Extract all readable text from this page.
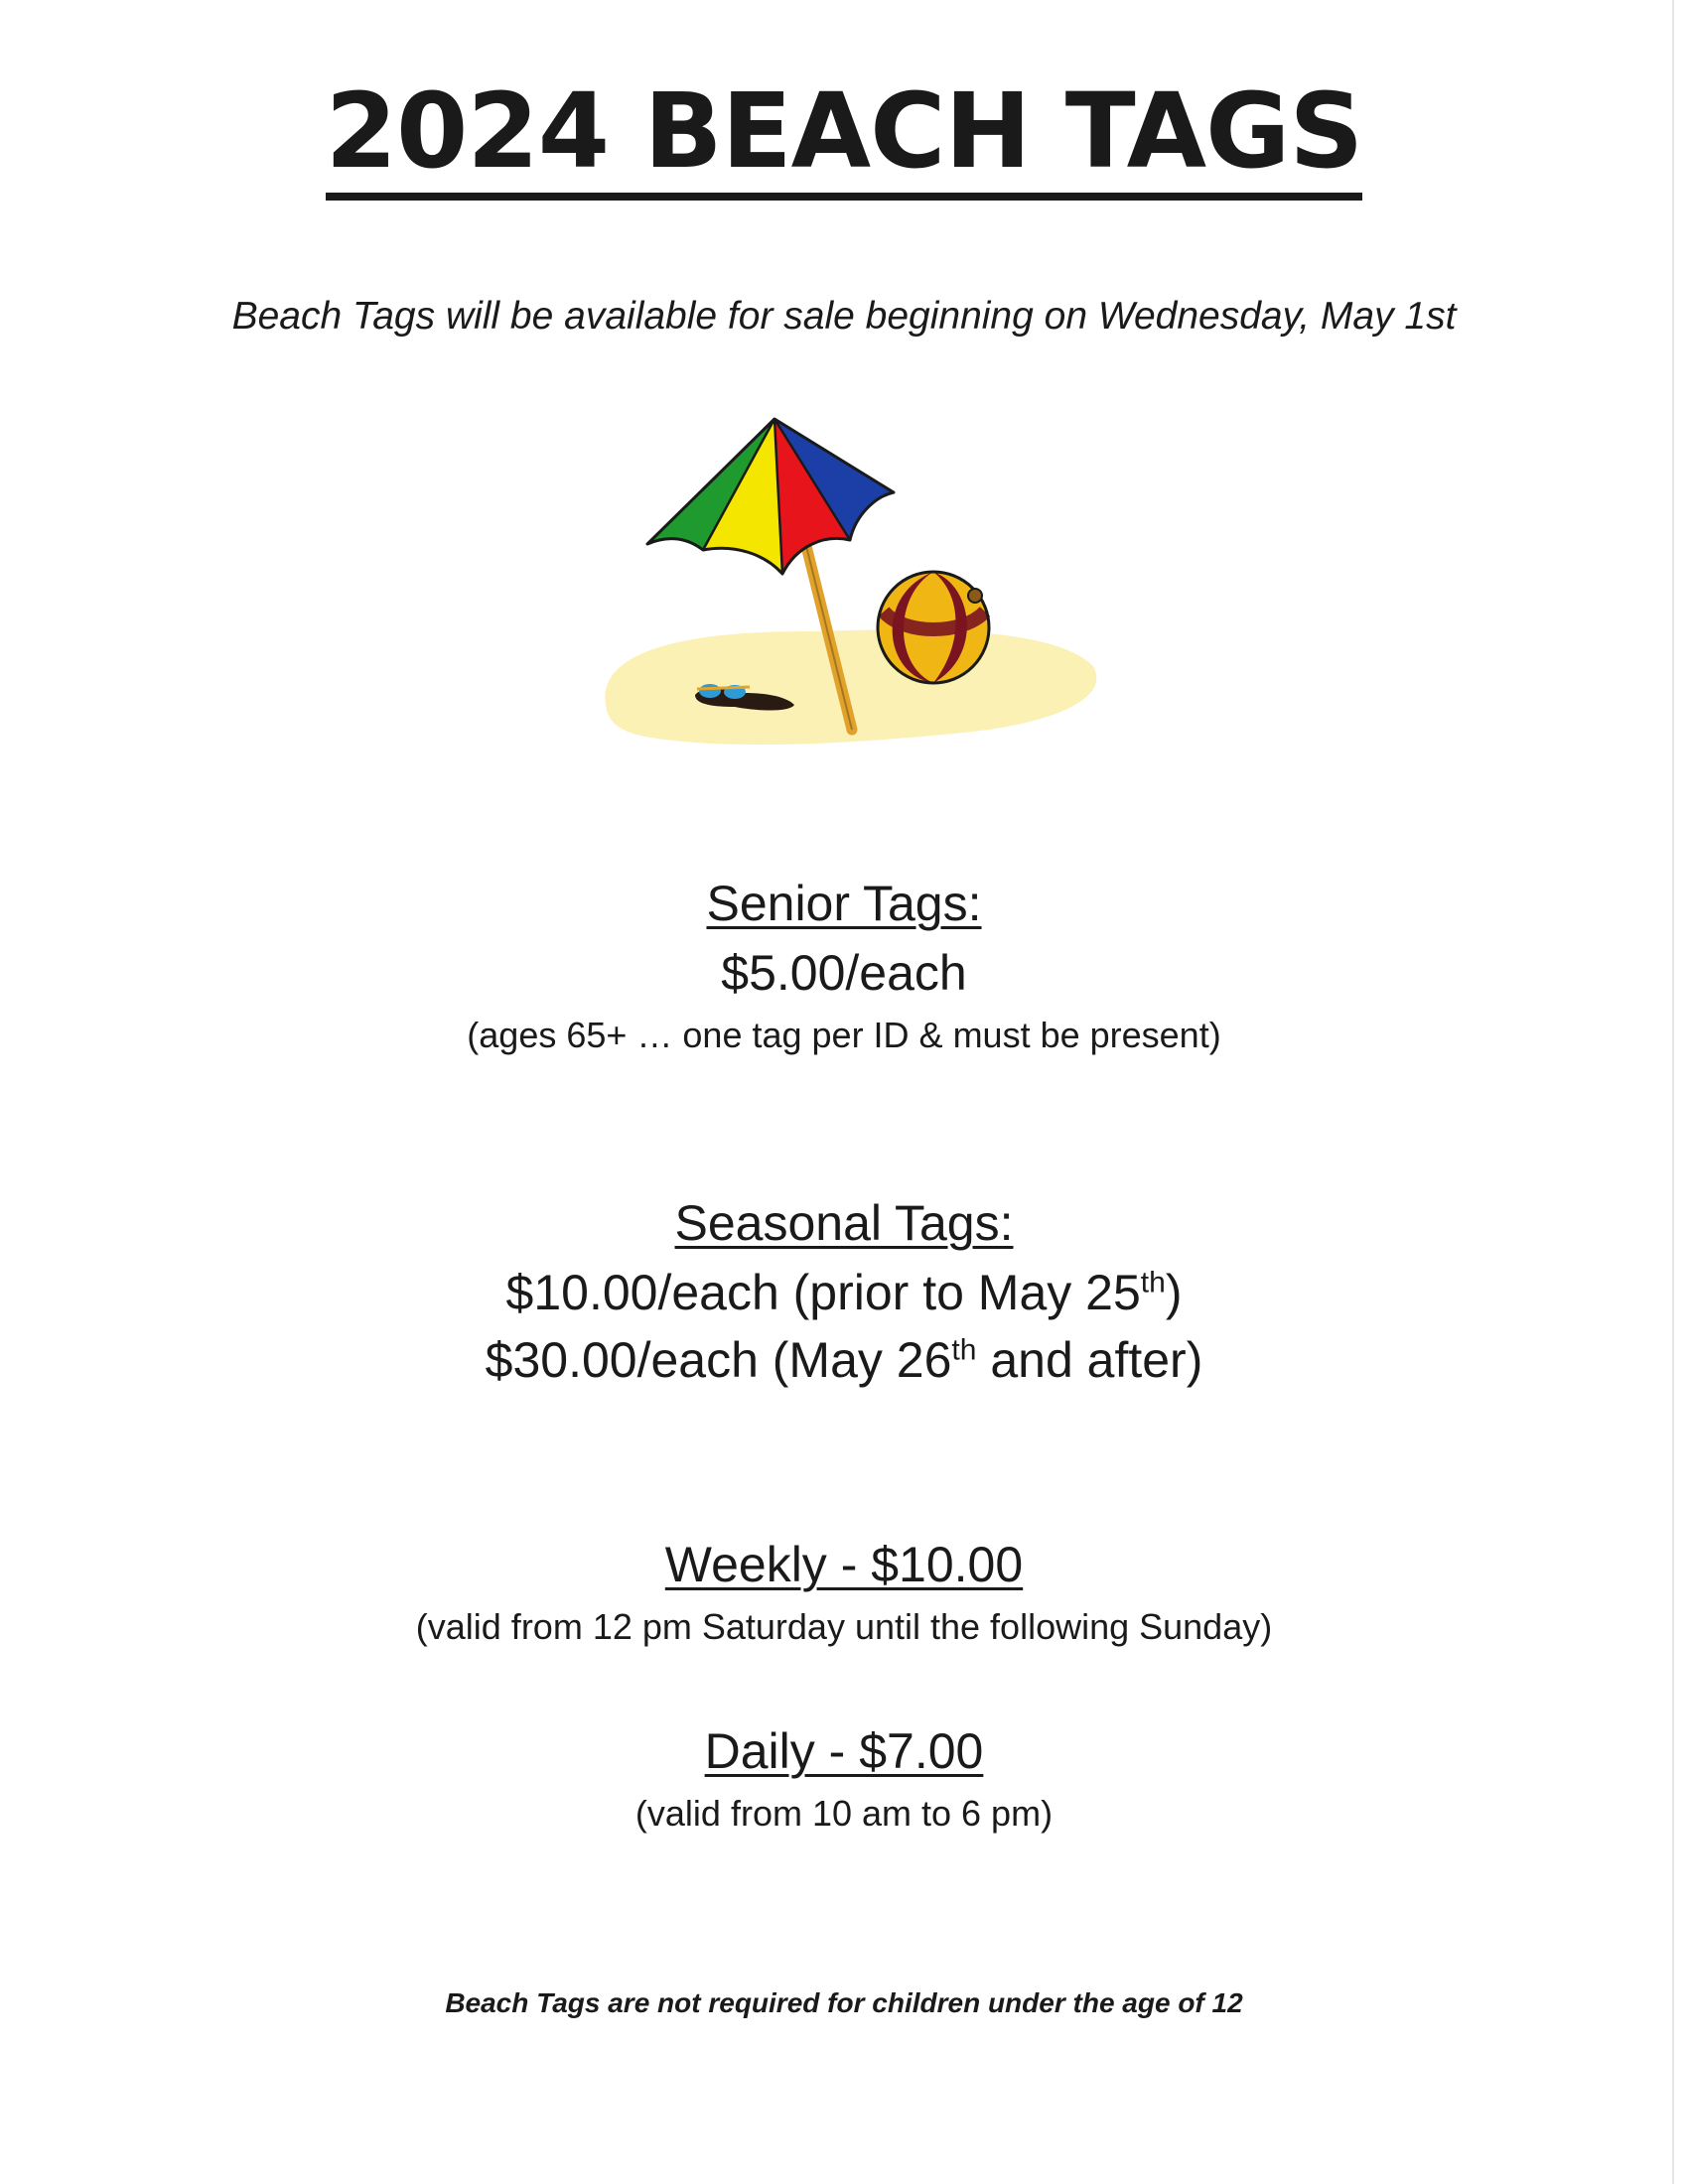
2024 BEACH TAGS
Beach Tags will be available for sale beginning on Wednesday, May 1st
Senior Tags:
$5.00/each
(ages 65+ … one tag per ID & must be present)
Seasonal Tags:
$10.00/each (prior to May 25th)
$30.00/each (May 26th and after)
Weekly - $10.00
(valid from 12 pm Saturday until the following Sunday)
Daily - $7.00
(valid from 10 am to 6 pm)
Beach Tags are not required for children under the age of 12
